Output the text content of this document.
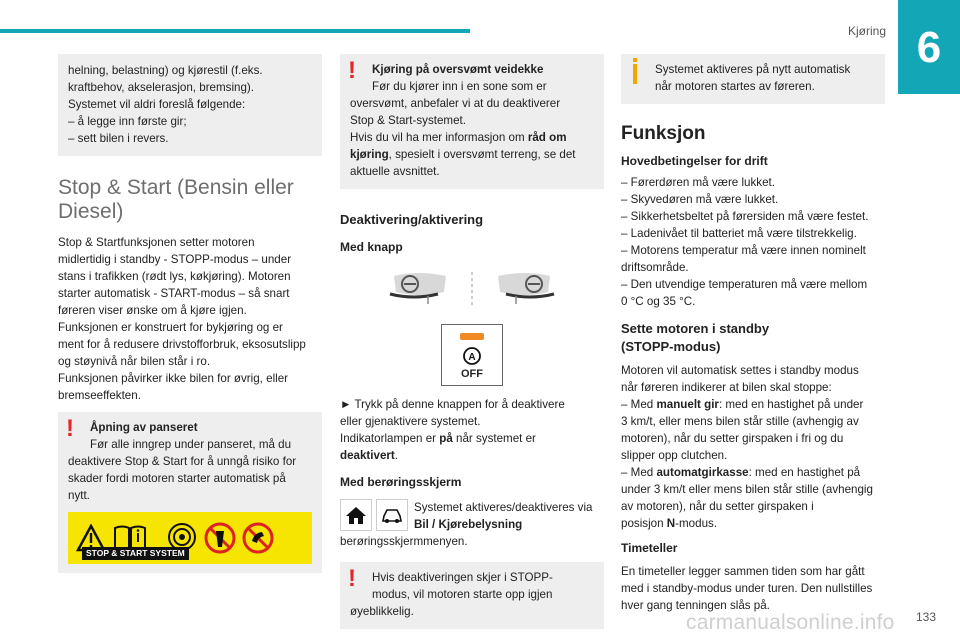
Kjøring 6

helning, belastning) og kjørestil (f.eks.

kraftbehov, akselerasjon, bremsing).

Systemet vil aldri foreslå følgende:

– å legge inn første gir;

– sett bilen i revers.

Stop & Start (Bensin eller Diesel)

Stop & Startfunksjonen setter motoren

midlertidig i standby - STOPP-modus – under

stans i trafikken (rødt lys, køkjøring). Motoren

starter automatisk - START-modus – så snart

føreren viser ønske om å kjøre igjen.

Funksjonen er konstruert for bykjøring og er

ment for å redusere drivstofforbruk, eksosutslipp

og støynivå når bilen står i ro.

Funksjonen påvirker ikke bilen for øvrig, eller

bremseeffekten.

!	Åpning av panseret

Før alle inngrep under panseret, må du

deaktivere Stop & Start for å unngå risiko for

skader fordi motoren starter automatisk på

nytt.

STOP & START SYSTEM
!	Kjøring på oversvømt veidekke

Før du kjører inn i en sone som er

oversvømt, anbefaler vi at du deaktiverer

Stop & Start-systemet.

Hvis du vil ha mer informasjon om råd om

kjøring, spesielt i oversvømt terreng, se det

aktuelle avsnittet.

Deaktivering/aktivering
Med knapp
A
OFF

► Trykk på denne knappen for å deaktivere

eller gjenaktivere systemet.

Indikatorlampen er på når systemet er

deaktivert.

Med berøringsskjerm

Systemet aktiveres/deaktiveres via

Bil / Kjørebelysning

berøringsskjermmenyen.

!	Hvis deaktiveringen skjer i STOPP-

modus, vil motoren starte opp igjen

øyeblikkelig.

Systemet aktiveres på nytt automatisk

når motoren startes av føreren.

Funksjon
Hovedbetingelser for drift

– Førerdøren må være lukket.

– Skyvedøren må være lukket.

– Sikkerhetsbeltet på førersiden må være festet.

– Ladenivået til batteriet må være tilstrekkelig.

– Motorens temperatur må være innen nominelt

driftsområde.

– Den utvendige temperaturen må være mellom

0 °C og 35 °C.

Sette motoren i standby (STOPP-modus)

Motoren vil automatisk settes i standby modus

når føreren indikerer at bilen skal stoppe:

– Med manuelt gir: med en hastighet på under

3 km/t, eller mens bilen står stille (avhengig av

motoren), når du setter girspaken i fri og du

slipper opp clutchen.

– Med automatgirkasse: med en hastighet på

under 3 km/t eller mens bilen står stille (avhengig

av motoren), når du setter girspaken i

posisjon N-modus.

Timeteller

En timeteller legger sammen tiden som har gått

med i standby-modus under turen. Den nullstilles

hver gang tenningen slås på.

133
carmanualsonline.info
